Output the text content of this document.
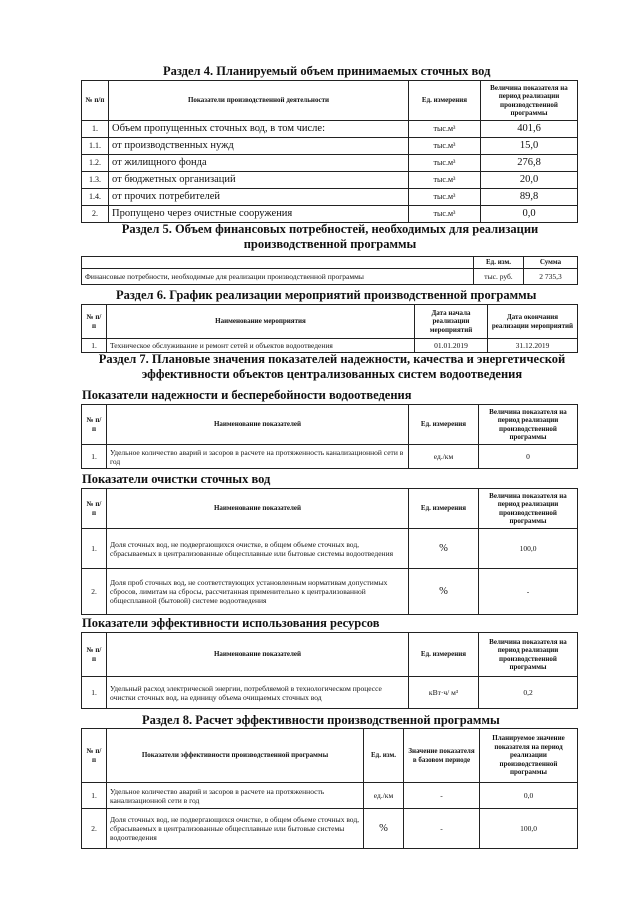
Раздел 4. Планируемый объем принимаемых сточных вод
№ п/п	Показатели производственной деятельности	Ед. измерения	Величина показателя на период реализации производственной программы
1.	Объем пропущенных сточных вод, в том числе:	тыс.м³	401,6
1.1.	от производственных нужд	тыс.м³	15,0
1.2.	от жилищного фонда	тыс.м³	276,8
1.3.	от бюджетных организаций	тыс.м³	20,0
1.4.	от прочих потребителей	тыс.м³	89,8
2.	Пропущено через очистные сооружения	тыс.м³	0,0
Раздел 5. Объем финансовых потребностей, необходимых для реализации производственной программы
	Ед. изм.	Сумма
Финансовые потребности, необходимые для реализации производственной программы	тыс. руб.	2 735,3
Раздел 6. График реализации мероприятий производственной программы
№ п/п	Наименование мероприятия	Дата начала реализации мероприятий	Дата окончания реализации мероприятий
1.	Техническое обслуживание и ремонт сетей и объектов водоотведения	01.01.2019	31.12.2019
Раздел 7. Плановые значения показателей надежности, качества и энергетической эффективности объектов централизованных систем водоотведения
Показатели надежности и бесперебойности водоотведения
№ п/п	Наименование показателей	Ед. измерения	Величина показателя на период реализации производственной программы
1.	Удельное количество аварий и засоров в расчете на протяженность канализационной сети в год	ед./км	0
Показатели очистки сточных вод
№ п/п	Наименование показателей	Ед. измерения	Величина показателя на период реализации производственной программы
1.	Доля сточных вод, не подвергающихся очистке, в общем объеме сточных вод, сбрасываемых в централизованные общесплавные или бытовые системы водоотведения	%	100,0
2.	Доля проб сточных вод, не соответствующих установленным нормативам допустимых сбросов, лимитам на сбросы, рассчитанная применительно к централизованной общесплавной (бытовой) системе водоотведения	%	-
Показатели эффективности использования ресурсов
№ п/п	Наименование показателей	Ед. измерения	Величина показателя на период реализации производственной программы
1.	Удельный расход электрической энергии, потребляемой в технологическом процессе очистки сточных вод, на единицу объема очищаемых сточных вод	кВт·ч/ м³	0,2
Раздел 8. Расчет эффективности производственной программы
№ п/п	Показатели эффективности производственной программы	Ед. изм.	Значение показателя в базовом периоде	Планируемое значение показателя на период реализации производственной программы
1.	Удельное количество аварий и засоров в расчете на протяженность канализационной сети в год	ед./км	-	0,0
2.	Доля сточных вод, не подвергающихся очистке, в общем объеме сточных вод, сбрасываемых в централизованные общесплавные или бытовые системы водоотведения	%	-	100,0
